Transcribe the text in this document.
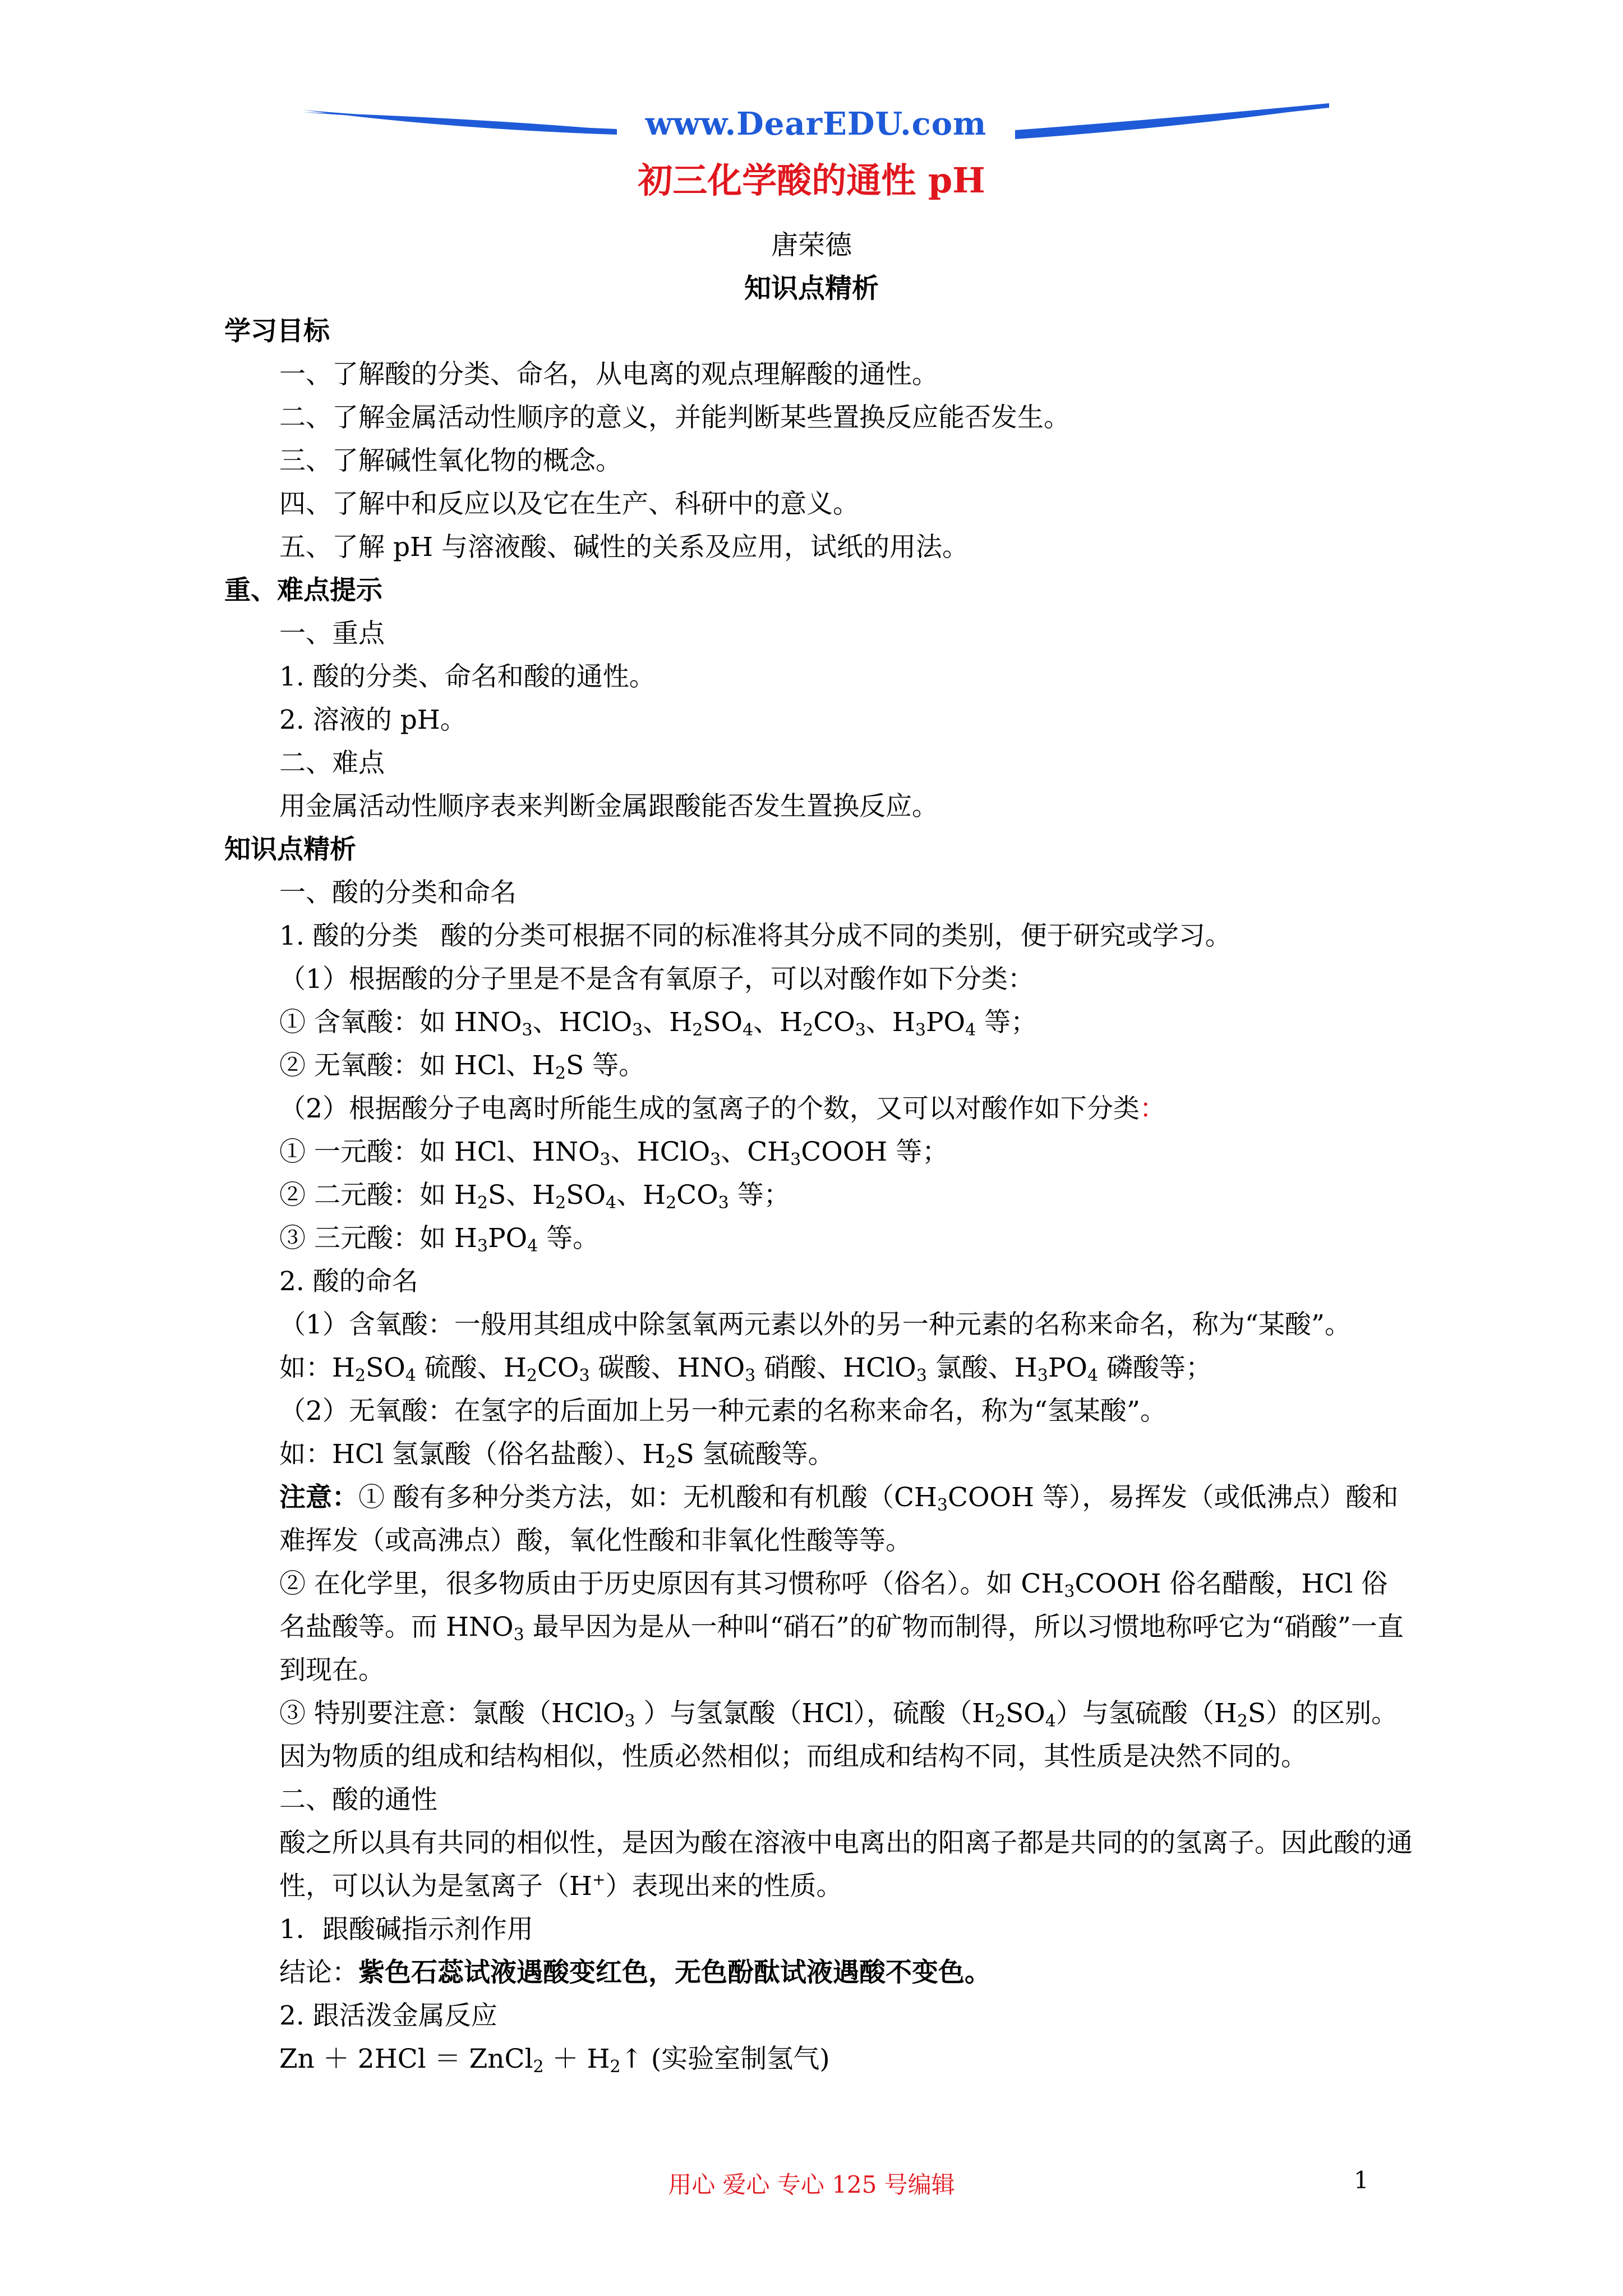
www.DearEDU.com
初三化学酸的通性 pH
唐荣德
知识点精析
学习目标
一、了解酸的分类、命名，从电离的观点理解酸的通性。
二、了解金属活动性顺序的意义，并能判断某些置换反应能否发生。
三、了解碱性氧化物的概念。
四、了解中和反应以及它在生产、科研中的意义。
五、了解 pH 与溶液酸、碱性的关系及应用，试纸的用法。
重、难点提示
一、重点
1. 酸的分类、命名和酸的通性。
2. 溶液的 pH。
二、难点
用金属活动性顺序表来判断金属跟酸能否发生置换反应。
知识点精析
一、酸的分类和命名
1. 酸的分类 酸的分类可根据不同的标准将其分成不同的类别，便于研究或学习。
（1）根据酸的分子里是不是含有氧原子，可以对酸作如下分类：
① 含氧酸：如 $HNO_3$、HClO$_3$、$H_2SO_4$、$H_2CO_3$、$H_3PO_4$ 等；
② 无氧酸：如 HCl、$H_2S$ 等。
（2）根据酸分子电离时所能生成的氢离子的个数，又可以对酸作如下分类：
① 一元酸：如 HCl、$HNO_3$、HClO$_3$、$CH_3COOH$ 等；
② 二元酸：如 $H_2S$、$H_2SO_4$、$H_2CO_3$ 等；
③ 三元酸：如 $H_3PO_4$ 等。
2. 酸的命名
（1）含氧酸：一般用其组成中除氢氧两元素以外的另一种元素的名称来命名，称为“某酸”。
如：$H_2SO_4$ 硫酸、$H_2CO_3$ 碳酸、$HNO_3$ 硝酸、HClO$_3$ 氯酸、$H_3PO_4$ 磷酸等；
（2）无氧酸：在氢字的后面加上另一种元素的名称来命名，称为“氢某酸”。
如：HCl 氢氯酸（俗名盐酸）、$H_2S$ 氢硫酸等。
注意：① 酸有多种分类方法，如：无机酸和有机酸（$CH_3COOH$ 等），易挥发（或低沸点）酸和难挥发（或高沸点）酸，氧化性酸和非氧化性酸等等。
② 在化学里，很多物质由于历史原因有其习惯称呼（俗名）。如 $CH_3COOH$ 俗名醋酸，HCl 俗名盐酸等。而 $HNO_3$ 最早因为是从一种叫“硝石”的矿物而制得，所以习惯地称呼它为“硝酸”一直到现在。
③ 特别要注意：氯酸（HClO$_3$ ）与氢氯酸（HCl），硫酸$(H_2SO_4)$与氢硫酸$(H_2S)$的区别。因为物质的组成和结构相似，性质必然相似；而组成和结构不同，其性质是决然不同的。
二、酸的通性
酸之所以具有共同的相似性，是因为酸在溶液中电离出的阳离子都是共同的的氢离子。因此酸的通性，可以认为是氢离子（H+）表现出来的性质。
1．跟酸碱指示剂作用
结论：紫色石蕊试液遇酸变红色，无色酚酞试液遇酸不变色。
2. 跟活泼金属反应
Zn ＋ 2HCl ＝ ZnCl$_2$ ＋ $H_2↑$ (实验室制氢气)
用心 爱心 专心 125 号编辑	1
